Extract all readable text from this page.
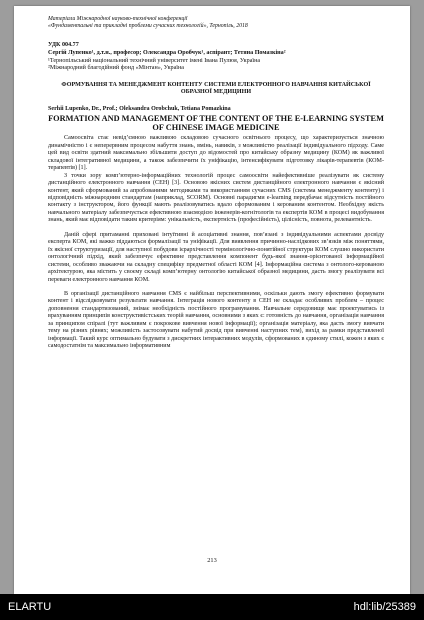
Матеріали Міжнародної науково-технічної конференції
«Фундаментальні та прикладні проблеми сучасних технологій», Тернопіль, 2018
УДК 004.77
Сергій Лупенко¹, д.т.н., професор; Олександра Оробчук¹, аспірант; Тетяна Помазкіна²
¹Тернопільський національний технічний університет імені Івана Пулюя, Україна
²Міжнародний благодійний фонд «Мінтан», Україна
ФОРМУВАННЯ ТА МЕНЕДЖМЕНТ КОНТЕНТУ СИСТЕМИ ЕЛЕКТРОННОГО НАВЧАННЯ КИТАЙСЬКОЇ ОБРАЗНОЇ МЕДИЦИНИ
Serhii Lupenko, Dr., Prof.; Oleksandra Orobchuk, Tetiana Pomazkina
FORMATION AND MANAGEMENT OF THE CONTENT OF THE E-LEARNING SYSTEM OF CHINESE IMAGE MEDICINE

Самоосвіта стає невід’ємною важливою складовою сучасного освітнього процесу, що характеризується значною динамічністю і є неперервним процесом набуття знань, вмінь, навиків, з можливістю реалізації індивідуального підходу. Саме цей вид освіти здатний максимально збільшити доступ до відомостей про китайську образну медицину (КОМ) як важливої складової інтегративної медицини, а також забезпечити їх уніфікацію, інтенсифікувати підготовку лікарів-терапевтів (КОМ-терапевтів) [1].

З точки зору комп’ютерно-інформаційних технологій процес самоосвіти найефективніше реалізувати як систему дистанційного електронного навчання (СЕН) [3]. Основою якісних систем дистанційного електронного навчання є якісний контент, який сформований за апробованими методиками та використанням сучасних CMS (система менеджменту контенту) і відповідність міжнародним стандартам (наприклад, SCORM). Основні парадигми е-learning передбачає відсутність постійного контакту з інструктором, його функції мають реалізовуватись вдало сформованим і керованим контентом. Необхідну якість навчального матеріалу забезпечується ефективною взаємодією інженерів-когнітологів та експертів КОМ в процесі видобування знань, який має відповідати таким критеріям: унікальність, експертність (професійність), цілісність, повнота, релевантність.

Даній сфері притаманні приховані інтуїтивні й асоціативні знання, пов’язані з індивідуальними аспектами досвіду експерта КОМ, які важко піддаються формалізації та уніфікації. Для виявлення причинно-наслідкових зв’язків між поняттями, їх якісної структуризації, для наступної побудови ієрархічності термінологічно-понятійної структури КОМ слушно використати онтологічний підхід, який забезпечує ефективне представлення компонент будь-якої знання-орієнтованої інформаційної системи, особливо зважаючи на складну специфіку предметної області КОМ [4]. Інформаційна система з онтолого-керованою архітектурою, яка містить у своєму складі комп’ютерну онтологію китайської образної медицини, дасть змогу реалізувати всі переваги електронного навчання КОМ.

В організації дистанційного навчання CMS є найбільш перспективними, оскільки дають змогу ефективно формувати контент і відслідковувати результати навчання. Інтеграція нового контенту в СЕН не складає особливих проблем – процес доповнення стандартизований, знімає необхідність постійного програмування. Навчальне середовище має проектуватись із врахуванням принципів конструктивістських теорій навчання, основними з яких є: готовність до навчання, організація навчання за принципом спіралі (тут важливим є покрокове вивчення нової інформації); організація матеріалу, яка дасть змогу вивчати тему на різних рівнях; можливість застосовувати набутий досвід при вивченні наступних тем), вихід за рамки представленої інформації. Такий курс оптимально будувати з дискретних інтерактивних модулів, сформованих в єдиному стилі, кожен з яких є самодостатнім та максимально інформативним

213
ELARTU	hdl:lib/25389
